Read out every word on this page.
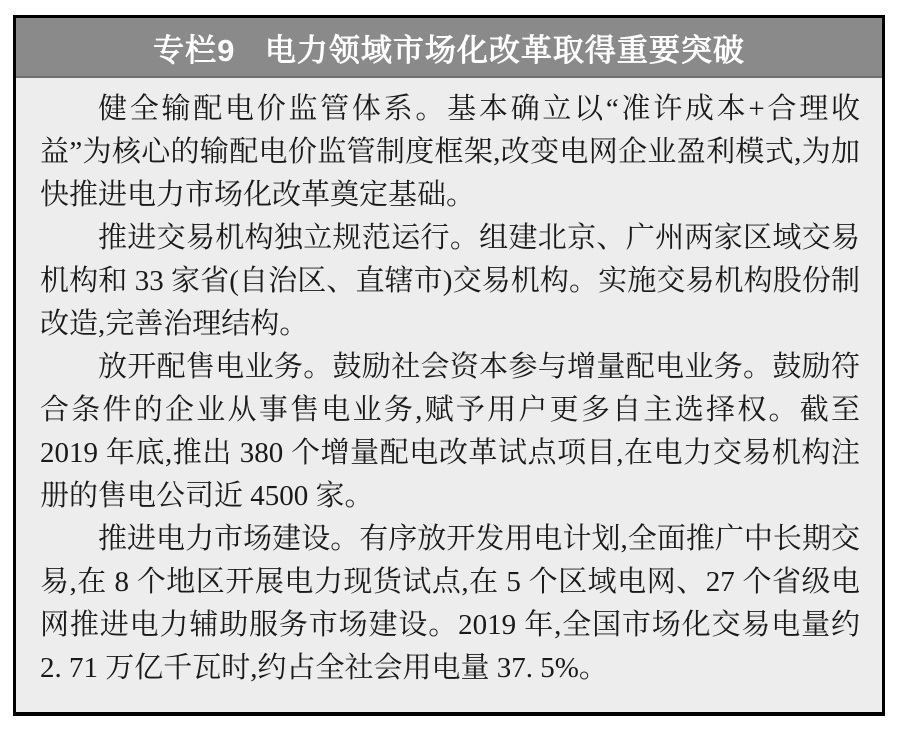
专栏9 电力领域市场化改革取得重要突破

健全输配电价监管体系。基本确立以“准许成本+合理收益”为核心的输配电价监管制度框架,改变电网企业盈利模式,为加快推进电力市场化改革奠定基础。

推进交易机构独立规范运行。组建北京、广州两家区域交易机构和 33 家省(自治区、直辖市)交易机构。实施交易机构股份制改造,完善治理结构。

放开配售电业务。鼓励社会资本参与增量配电业务。鼓励符合条件的企业从事售电业务,赋予用户更多自主选择权。截至 2019 年底,推出 380 个增量配电改革试点项目,在电力交易机构注册的售电公司近 4500 家。

推进电力市场建设。有序放开发用电计划,全面推广中长期交易,在 8 个地区开展电力现货试点,在 5 个区域电网、27 个省级电网推进电力辅助服务市场建设。2019 年,全国市场化交易电量约 2. 71 万亿千瓦时,约占全社会用电量 37. 5%。
